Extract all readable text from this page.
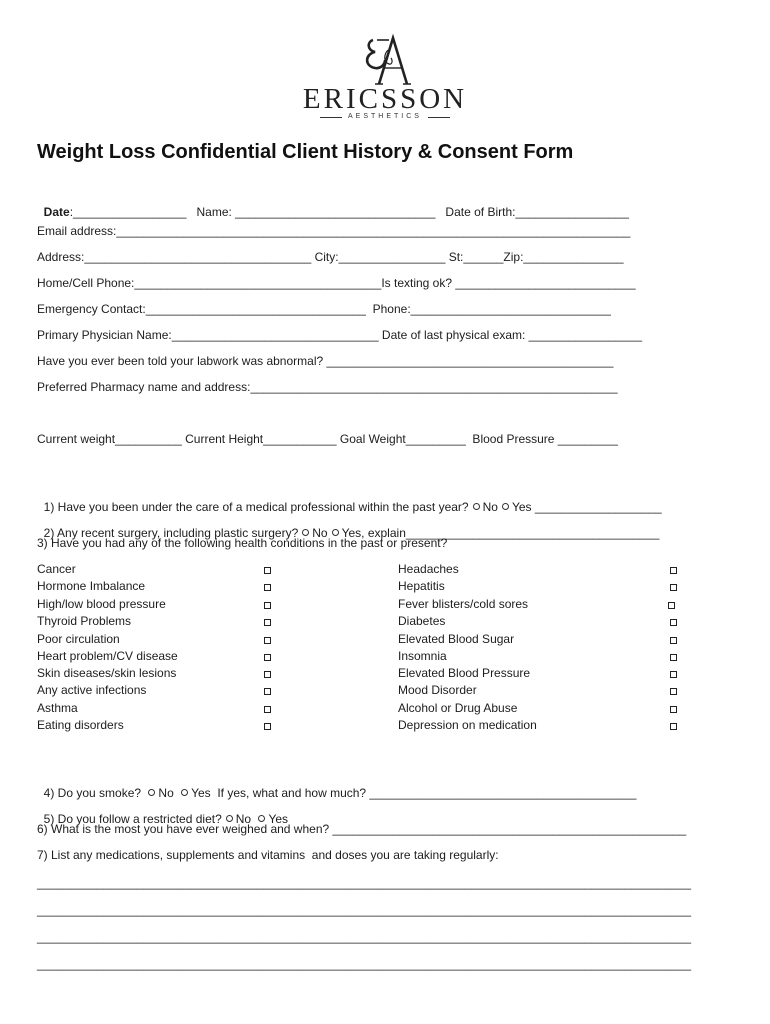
ERICSSON
AESTHETICS
Weight Loss Confidential Client History & Consent Form

Date:_________________ Name: ______________________________ Date of Birth:_________________

Email address:_____________________________________________________________________________
Address:__________________________________ City:________________ St:______Zip:_______________
Home/Cell Phone:_____________________________________Is texting ok? ___________________________
Emergency Contact:_________________________________  Phone:______________________________
Primary Physician Name:_______________________________ Date of last physical exam: _________________
Have you ever been told your labwork was abnormal? ___________________________________________
Preferred Pharmacy name and address:_______________________________________________________
Current weight__________ Current Height___________ Goal Weight_________  Blood Pressure _________

1) Have you been under the care of a medical professional within the past year? No Yes ___________________

2) Any recent surgery, including plastic surgery? No Yes, explain______________________________________

3) Have you had any of the following health conditions in the past or present?
Cancer
Hormone Imbalance
High/low blood pressure
Thyroid Problems
Poor circulation
Heart problem/CV disease
Skin diseases/skin lesions
Any active infections
Asthma
Eating disorders
Headaches
Hepatitis
Fever blisters/cold sores
Diabetes
Elevated Blood Sugar
Insomnia
Elevated Blood Pressure
Mood Disorder
Alcohol or Drug Abuse
Depression on medication

4) Do you smoke? No Yes If yes, what and how much? ________________________________________

5) Do you follow a restricted diet? No Yes

6) What is the most you have ever weighed and when? _____________________________________________________
7) List any medications, supplements and vitamins  and doses you are taking regularly:
__________________________________________________________________________________________________
__________________________________________________________________________________________________
__________________________________________________________________________________________________
__________________________________________________________________________________________________
